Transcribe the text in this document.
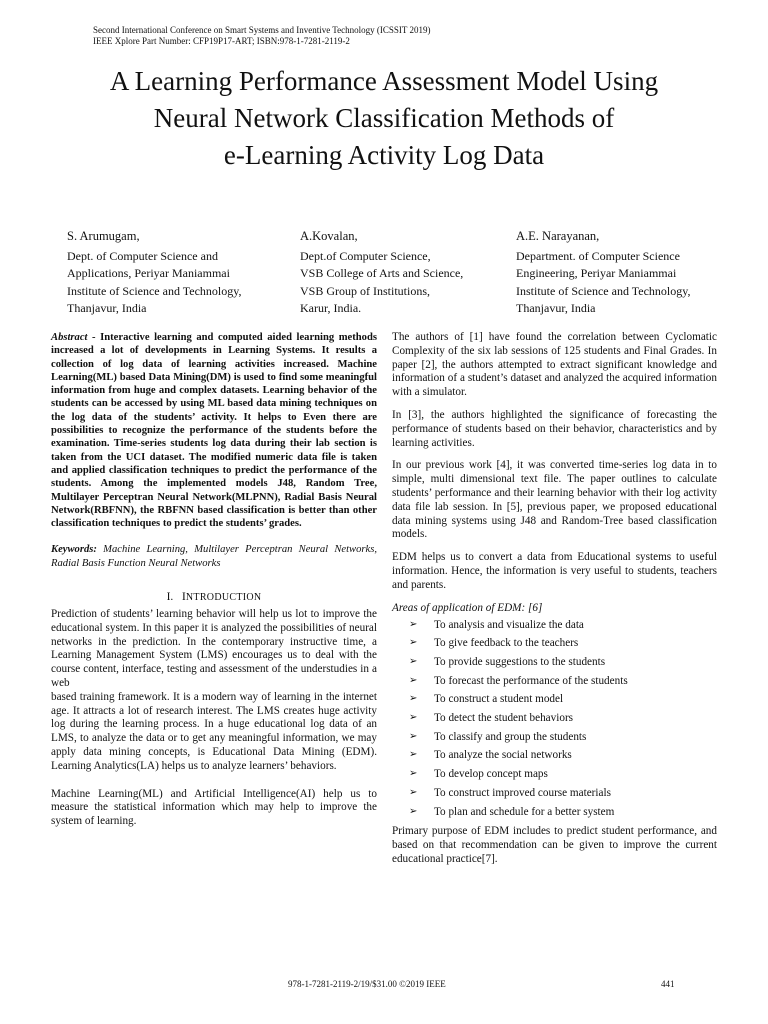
Second International Conference on Smart Systems and Inventive Technology (ICSSIT 2019)
IEEE Xplore Part Number: CFP19P17-ART; ISBN:978-1-7281-2119-2
A Learning Performance Assessment Model Using
Neural Network Classification Methods of
e-Learning Activity Log Data
S. Arumugam,
Dept. of Computer Science and
Applications, Periyar Maniammai
Institute of Science and Technology,
Thanjavur, India
A.Kovalan,
Dept.of Computer Science,
VSB College of Arts and Science,
VSB Group of Institutions,
Karur, India.
A.E. Narayanan,
Department. of Computer Science
Engineering, Periyar Maniammai
Institute of Science and Technology,
Thanjavur, India
Abstract - Interactive learning and computed aided learning methods increased a lot of developments in Learning Systems. It results a collection of log data of learning activities increased. Machine Learning(ML) based Data Mining(DM) is used to find some meaningful information from huge and complex datasets. Learning behavior of the students can be accessed by using ML based data mining techniques on the log data of the students’ activity. It helps to Even there are possibilities to recognize the performance of the students before the examination. Time-series students log data during their lab section is taken from the UCI dataset. The modified numeric data file is taken and applied classification techniques to predict the performance of the students. Among the implemented models J48, Random Tree, Multilayer Perceptran Neural Network(MLPNN), Radial Basis Neural Network(RBFNN), the RBFNN based classification is better than other classification techniques to predict the students’ grades.
Keywords: Machine Learning, Multilayer Perceptran Neural Networks, Radial Basis Function Neural Networks
I. INTRODUCTION

Prediction of students’ learning behavior will help us lot to improve the educational system. In this paper it is analyzed the possibilities of neural networks in the prediction. In the contemporary instructive time, a Learning Management System (LMS) encourages us to deal with the course content, interface, testing and assessment of the understudies in a web

based training framework. It is a modern way of learning in the internet age. It attracts a lot of research interest. The LMS creates huge activity log during the learning process. In a huge educational log data of an LMS, to analyze the data or to get any meaningful information, we may apply data mining concepts, is Educational Data Mining (EDM). Learning Analytics(LA) helps us to analyze learners’ behaviors.

Machine Learning(ML) and Artificial Intelligence(AI) help us to measure the statistical information which may help to improve the system of learning.

The authors of [1] have found the correlation between Cyclomatic Complexity of the six lab sessions of 125 students and Final Grades. In paper [2], the authors attempted to extract significant knowledge and information of a student’s dataset and analyzed the acquired information with a simulator.

In [3], the authors highlighted the significance of forecasting the performance of students based on their behavior, characteristics and by learning activities.

In our previous work [4], it was converted time-series log data in to simple, multi dimensional text file. The paper outlines to calculate students’ performance and their learning behavior with their log activity data file lab session. In [5], previous paper, we proposed educational data mining systems using J48 and Random-Tree based classification models.

EDM helps us to convert a data from Educational systems to useful information. Hence, the information is very useful to students, teachers and parents.

Areas of application of EDM: [6]
➢ To analysis and visualize the data
➢ To give feedback to the teachers
➢ To provide suggestions to the students
➢ To forecast the performance of the students
➢ To construct a student model
➢ To detect the student behaviors
➢ To classify and group the students
➢ To analyze the social networks
➢ To develop concept maps
➢ To construct improved course materials
➢ To plan and schedule for a better system

Primary purpose of EDM includes to predict student performance, and based on that recommendation can be given to improve the current educational practice[7].

978-1-7281-2119-2/19/$31.00 ©2019 IEEE	441
